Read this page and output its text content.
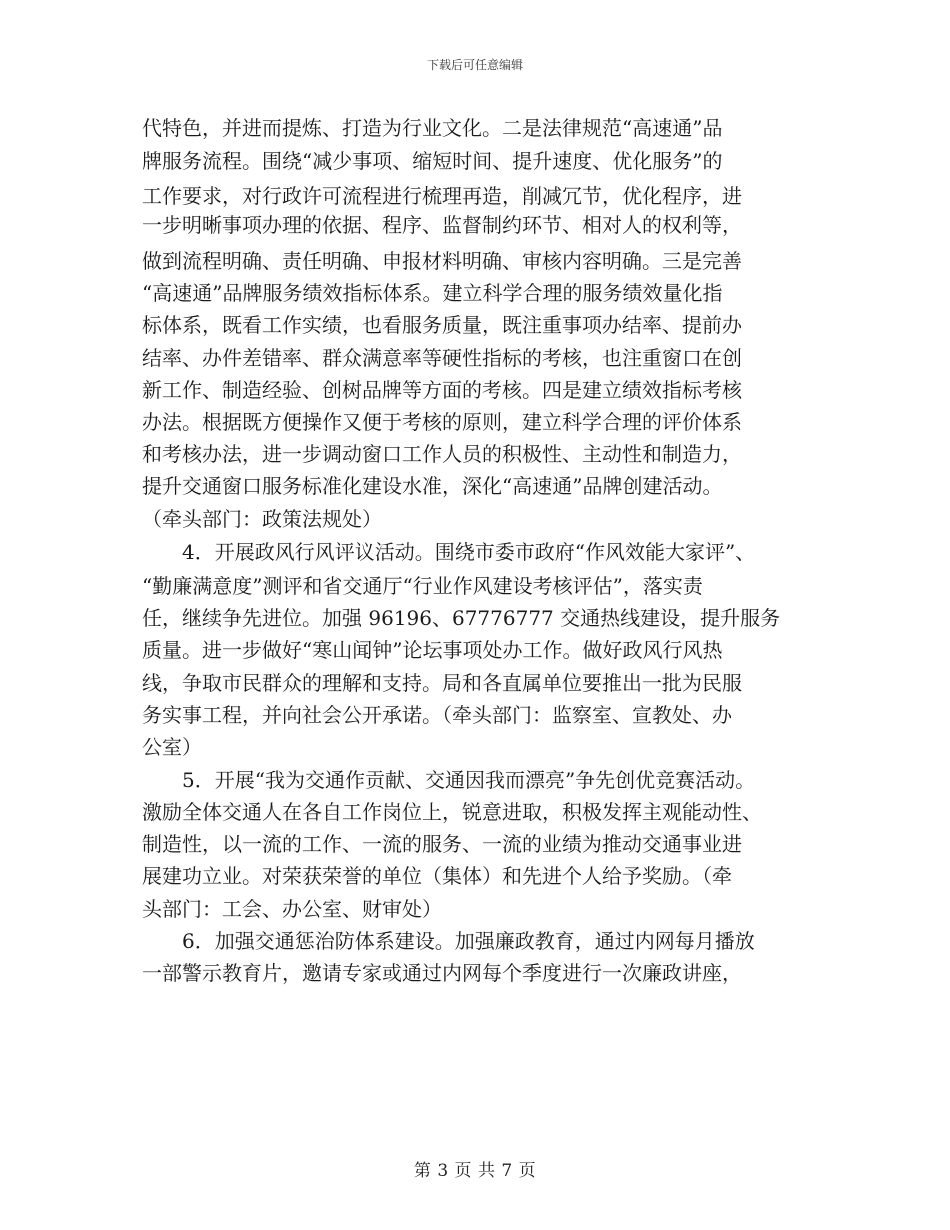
下载后可任意编辑
代特色，并进而提炼、打造为行业文化。二是法律规范“高速通”品
牌服务流程。围绕“减少事项、缩短时间、提升速度、优化服务”的
工作要求，对行政许可流程进行梳理再造，削减冗节，优化程序，进
一步明晰事项办理的依据、程序、监督制约环节、相对人的权利等，
做到流程明确、责任明确、申报材料明确、审核内容明确。三是完善
“高速通”品牌服务绩效指标体系。建立科学合理的服务绩效量化指
标体系，既看工作实绩，也看服务质量，既注重事项办结率、提前办
结率、办件差错率、群众满意率等硬性指标的考核，也注重窗口在创
新工作、制造经验、创树品牌等方面的考核。四是建立绩效指标考核
办法。根据既方便操作又便于考核的原则，建立科学合理的评价体系
和考核办法，进一步调动窗口工作人员的积极性、主动性和制造力，
提升交通窗口服务标准化建设水准，深化“高速通”品牌创建活动。
（牵头部门：政策法规处）
4．开展政风行风评议活动。围绕市委市政府“作风效能大家评”、
“勤廉满意度”测评和省交通厅“行业作风建设考核评估”，落实责
任，继续争先进位。加强 96196、67776777 交通热线建设，提升服务
质量。进一步做好“寒山闻钟”论坛事项处办工作。做好政风行风热
线，争取市民群众的理解和支持。局和各直属单位要推出一批为民服
务实事工程，并向社会公开承诺。（牵头部门：监察室、宣教处、办
公室）
5．开展“我为交通作贡献、交通因我而漂亮”争先创优竞赛活动。
激励全体交通人在各自工作岗位上，锐意进取，积极发挥主观能动性、
制造性，以一流的工作、一流的服务、一流的业绩为推动交通事业进
展建功立业。对荣获荣誉的单位（集体）和先进个人给予奖励。（牵
头部门：工会、办公室、财审处）
6．加强交通惩治防体系建设。加强廉政教育，通过内网每月播放
一部警示教育片，邀请专家或通过内网每个季度进行一次廉政讲座，
第 3 页 共 7 页
